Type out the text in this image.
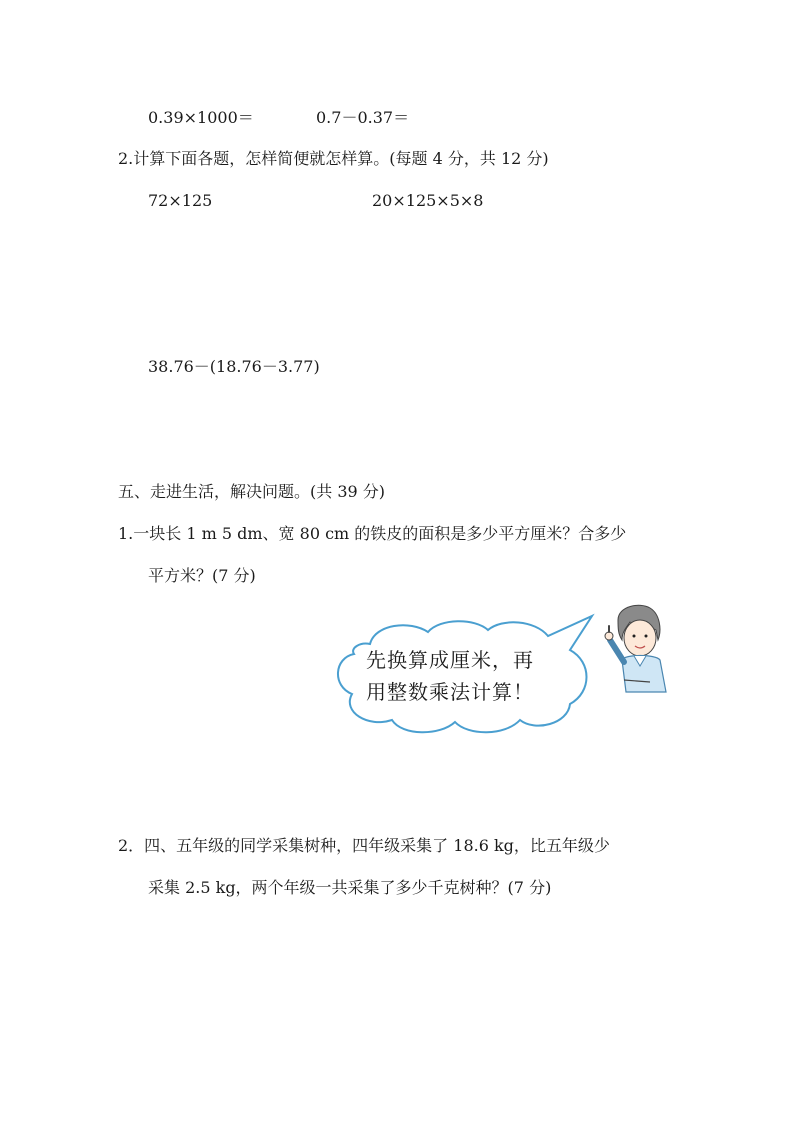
0.39×1000＝	0.7－0.37＝
2.计算下面各题，怎样简便就怎样算。(每题 4 分，共 12 分)
72×125	20×125×5×8
38.76－(18.76－3.77)
五、走进生活，解决问题。(共 39 分)
1.一块长 1 m 5 dm、宽 80 cm 的铁皮的面积是多少平方厘米？合多少
平方米？(7 分)
先换算成厘米，再
用整数乘法计算！
2．四、五年级的同学采集树种，四年级采集了 18.6 kg，比五年级少
采集 2.5 kg，两个年级一共采集了多少千克树种？(7 分)
